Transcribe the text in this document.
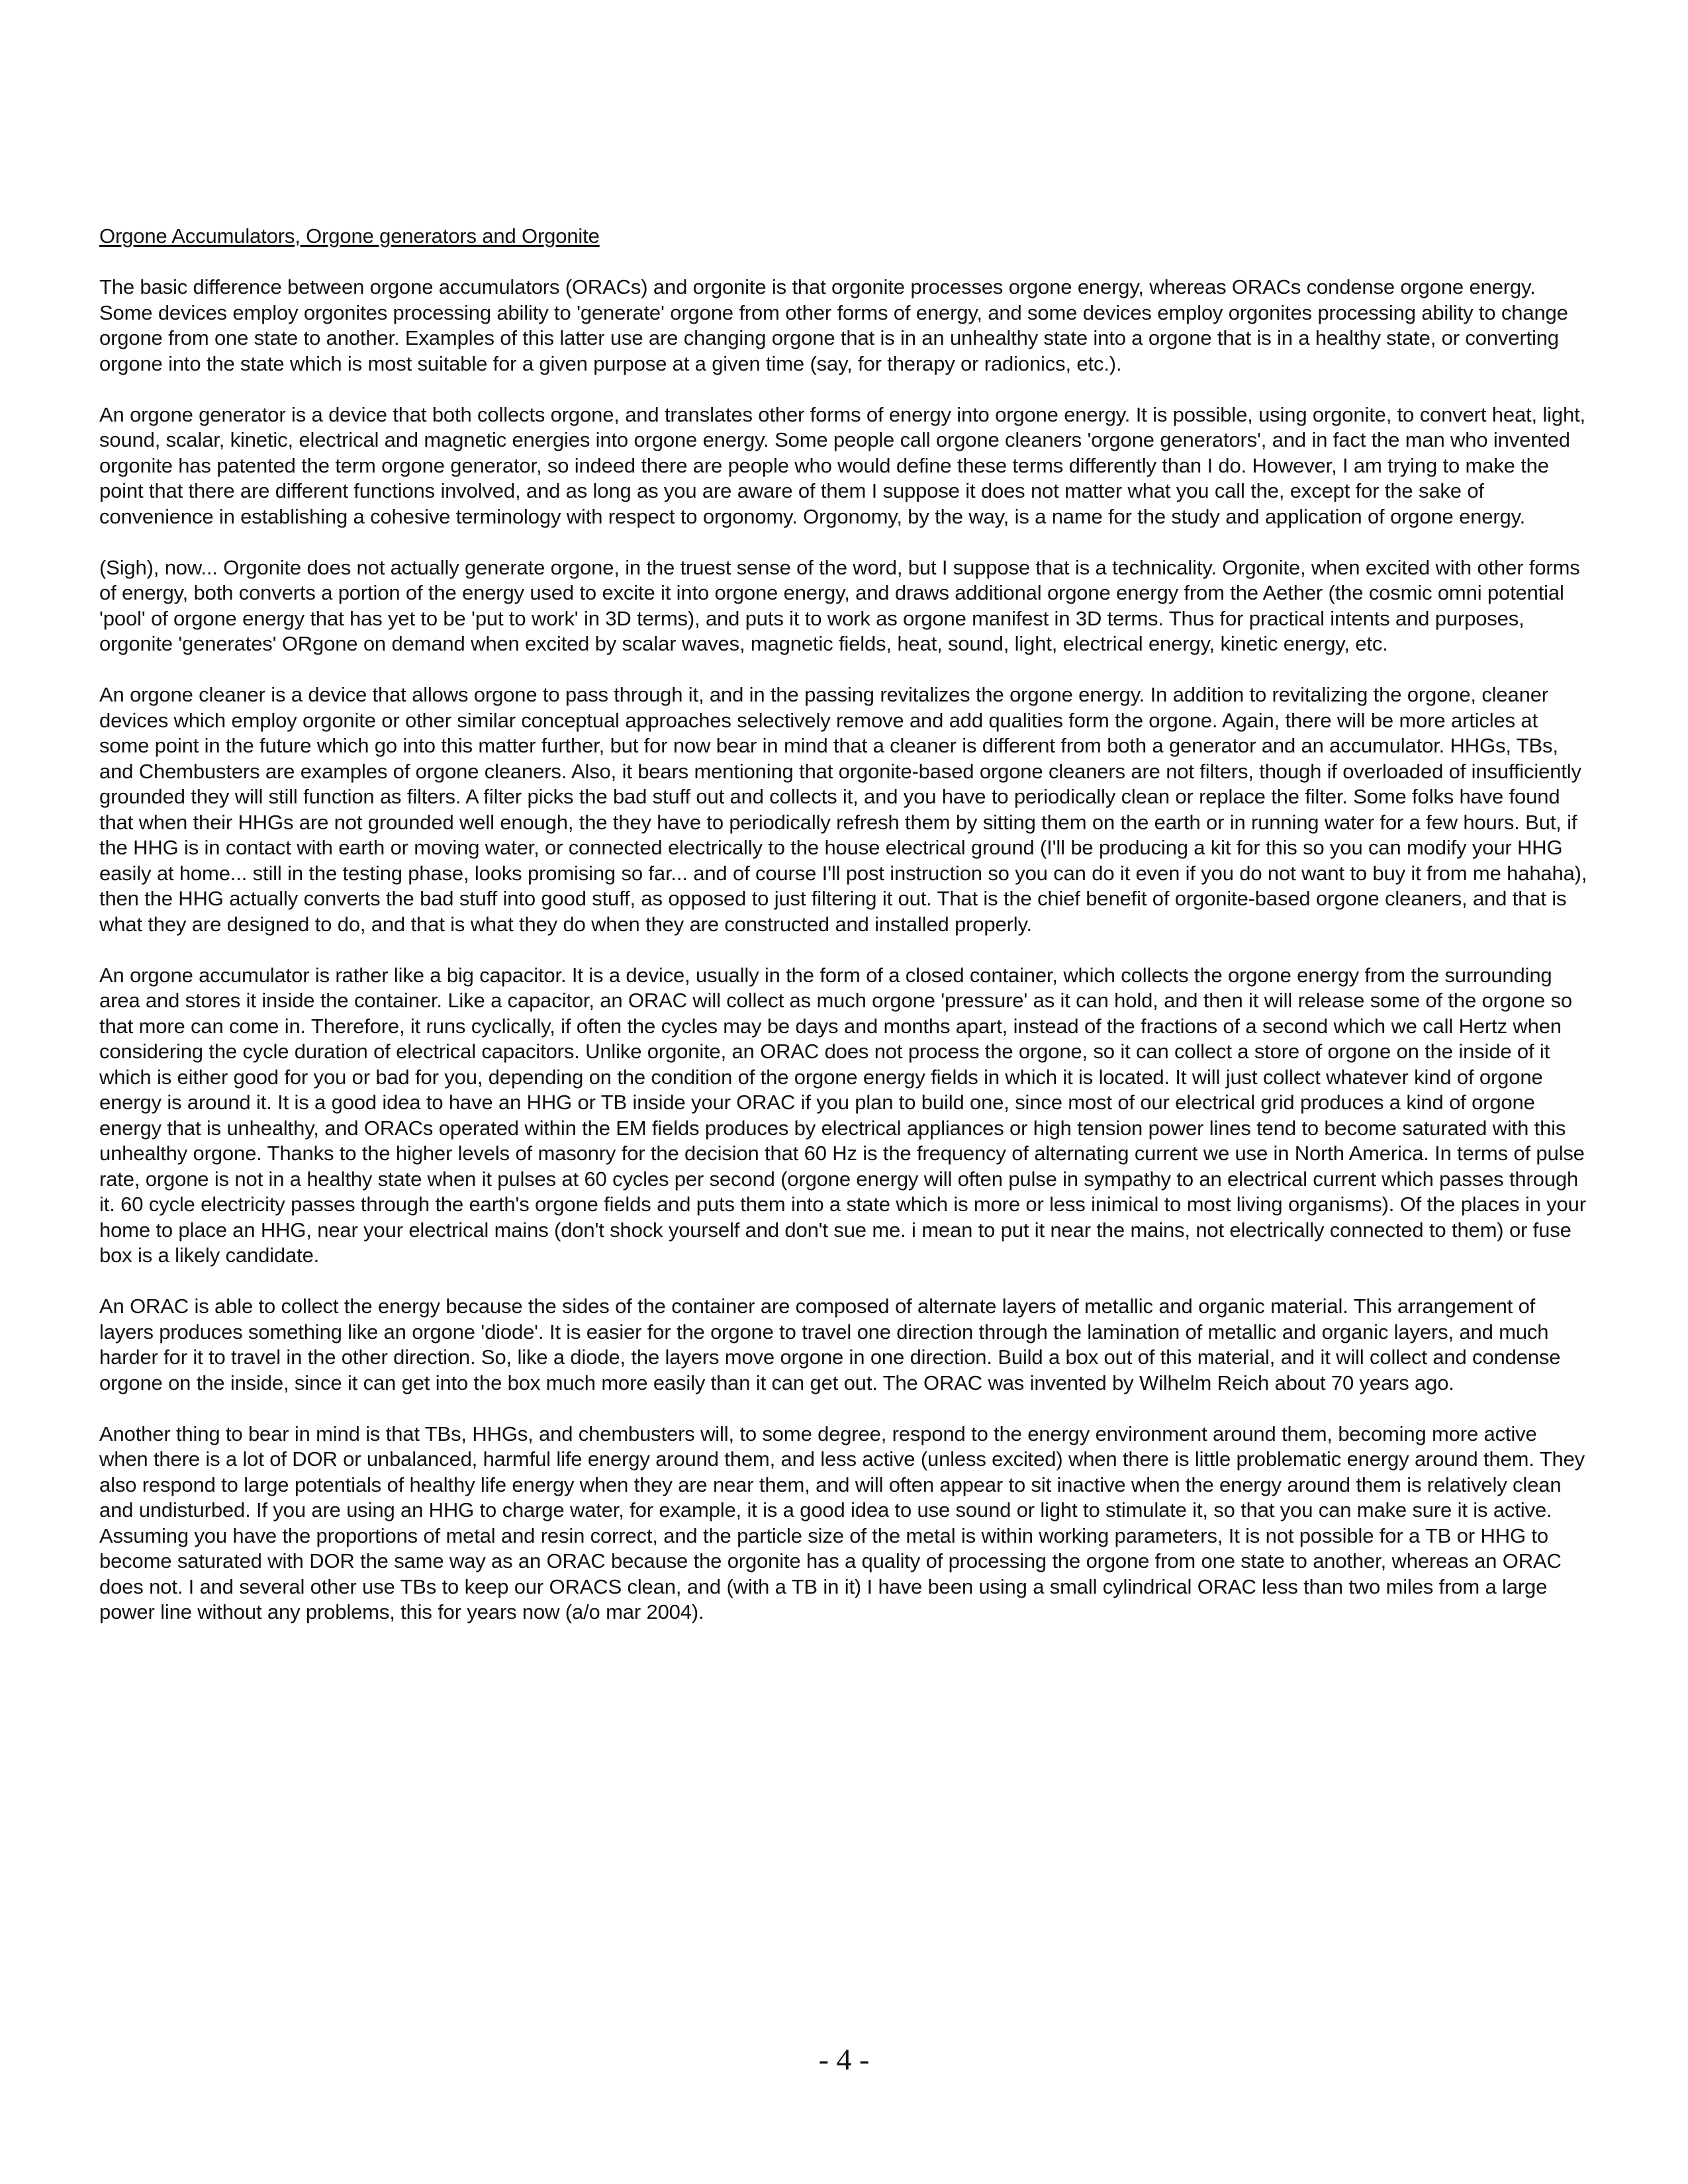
Orgone Accumulators, Orgone generators and Orgonite

The basic difference between orgone accumulators (ORACs) and orgonite is that orgonite processes orgone energy, whereas ORACs condense orgone energy. Some devices employ orgonites processing ability to 'generate' orgone from other forms of energy, and some devices employ orgonites processing ability to change orgone from one state to another. Examples of this latter use are changing orgone that is in an unhealthy state into a orgone that is in a healthy state, or converting orgone into the state which is most suitable for a given purpose at a given time (say, for therapy or radionics, etc.).

An orgone generator is a device that both collects orgone, and translates other forms of energy into orgone energy. It is possible, using orgonite, to convert heat, light, sound, scalar, kinetic, electrical and magnetic energies into orgone energy. Some people call orgone cleaners 'orgone generators', and in fact the man who invented orgonite has patented the term orgone generator, so indeed there are people who would define these terms differently than I do. However, I am trying to make the point that there are different functions involved, and as long as you are aware of them I suppose it does not matter what you call the, except for the sake of convenience in establishing a cohesive terminology with respect to orgonomy. Orgonomy, by the way, is a name for the study and application of orgone energy.

(Sigh), now... Orgonite does not actually generate orgone, in the truest sense of the word, but I suppose that is a technicality. Orgonite, when excited with other forms of energy, both converts a portion of the energy used to excite it into orgone energy, and draws additional orgone energy from the Aether (the cosmic omni potential 'pool' of orgone energy that has yet to be 'put to work' in 3D terms), and puts it to work as orgone manifest in 3D terms. Thus for practical intents and purposes, orgonite 'generates' ORgone on demand when excited by scalar waves, magnetic fields, heat, sound, light, electrical energy, kinetic energy, etc.

An orgone cleaner is a device that allows orgone to pass through it, and in the passing revitalizes the orgone energy. In addition to revitalizing the orgone, cleaner devices which employ orgonite or other similar conceptual approaches selectively remove and add qualities form the orgone. Again, there will be more articles at some point in the future which go into this matter further, but for now bear in mind that a cleaner is different from both a generator and an accumulator. HHGs, TBs, and Chembusters are examples of orgone cleaners. Also, it bears mentioning that orgonite-based orgone cleaners are not filters, though if overloaded of insufficiently grounded they will still function as filters. A filter picks the bad stuff out and collects it, and you have to periodically clean or replace the filter. Some folks have found that when their HHGs are not grounded well enough, the they have to periodically refresh them by sitting them on the earth or in running water for a few hours. But, if the HHG is in contact with earth or moving water, or connected electrically to the house electrical ground (I'll be producing a kit for this so you can modify your HHG easily at home... still in the testing phase, looks promising so far... and of course I'll post instruction so you can do it even if you do not want to buy it from me hahaha), then the HHG actually converts the bad stuff into good stuff, as opposed to just filtering it out. That is the chief benefit of orgonite-based orgone cleaners, and that is what they are designed to do, and that is what they do when they are constructed and installed properly.

An orgone accumulator is rather like a big capacitor. It is a device, usually in the form of a closed container, which collects the orgone energy from the surrounding area and stores it inside the container. Like a capacitor, an ORAC will collect as much orgone 'pressure' as it can hold, and then it will release some of the orgone so that more can come in. Therefore, it runs cyclically, if often the cycles may be days and months apart, instead of the fractions of a second which we call Hertz when considering the cycle duration of electrical capacitors. Unlike orgonite, an ORAC does not process the orgone, so it can collect a store of orgone on the inside of it which is either good for you or bad for you, depending on the condition of the orgone energy fields in which it is located. It will just collect whatever kind of orgone energy is around it. It is a good idea to have an HHG or TB inside your ORAC if you plan to build one, since most of our electrical grid produces a kind of orgone energy that is unhealthy, and ORACs operated within the EM fields produces by electrical appliances or high tension power lines tend to become saturated with this unhealthy orgone. Thanks to the higher levels of masonry for the decision that 60 Hz is the frequency of alternating current we use in North America. In terms of pulse rate, orgone is not in a healthy state when it pulses at 60 cycles per second (orgone energy will often pulse in sympathy to an electrical current which passes through it. 60 cycle electricity passes through the earth's orgone fields and puts them into a state which is more or less inimical to most living organisms). Of the places in your home to place an HHG, near your electrical mains (don't shock yourself and don't sue me. i mean to put it near the mains, not electrically connected to them) or fuse box is a likely candidate.

An ORAC is able to collect the energy because the sides of the container are composed of alternate layers of metallic and organic material. This arrangement of layers produces something like an orgone 'diode'. It is easier for the orgone to travel one direction through the lamination of metallic and organic layers, and much harder for it to travel in the other direction. So, like a diode, the layers move orgone in one direction. Build a box out of this material, and it will collect and condense orgone on the inside, since it can get into the box much more easily than it can get out. The ORAC was invented by Wilhelm Reich about 70 years ago.

Another thing to bear in mind is that TBs, HHGs, and chembusters will, to some degree, respond to the energy environment around them, becoming more active when there is a lot of DOR or unbalanced, harmful life energy around them, and less active (unless excited) when there is little problematic energy around them. They also respond to large potentials of healthy life energy when they are near them, and will often appear to sit inactive when the energy around them is relatively clean and undisturbed. If you are using an HHG to charge water, for example, it is a good idea to use sound or light to stimulate it, so that you can make sure it is active. Assuming you have the proportions of metal and resin correct, and the particle size of the metal is within working parameters, It is not possible for a TB or HHG to become saturated with DOR the same way as an ORAC because the orgonite has a quality of processing the orgone from one state to another, whereas an ORAC does not. I and several other use TBs to keep our ORACS clean, and (with a TB in it) I have been using a small cylindrical ORAC less than two miles from a large power line without any problems, this for years now (a/o mar 2004).

- 4 -
